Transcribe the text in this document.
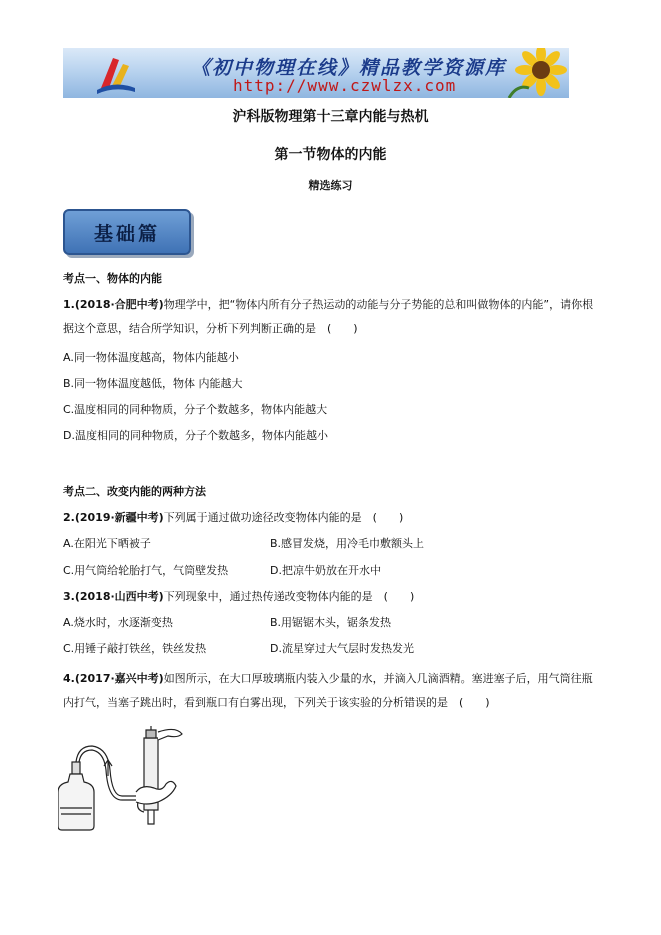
《初中物理在线》精品教学资源库
http://www.czwlzx.com
沪科版物理第十三章内能与热机
第一节物体的内能
精选练习
基础篇
考点一、物体的内能
1.(2018·合肥中考)物理学中，把“物体内所有分子热运动的动能与分子势能的总和叫做物体的内能”，请你根据这个意思，结合所学知识，分析下列判断正确的是　(　　)
A.同一物体温度越高，物体内能越小
B.同一物体温度越低，物体 内能越大
C.温度相同的同种物质，分子个数越多，物体内能越大
D.温度相同的同种物质，分子个数越多，物体内能越小
考点二、改变内能的两种方法
2.(2019·新疆中考)下列属于通过做功途径改变物体内能的是　(　　)
A.在阳光下晒被子	B.感冒发烧，用冷毛巾敷额头上
C.用气筒给轮胎打气，气筒壁发热	D.把凉牛奶放在开水中
3.(2018·山西中考)下列现象中，通过热传递改变物体内能的是　(　　)
A.烧水时，水逐渐变热	B.用锯锯木头，锯条发热
C.用锤子敲打铁丝，铁丝发热	D.流星穿过大气层时发热发光
4.(2017·嘉兴中考)如图所示，在大口厚玻璃瓶内装入少量的水，并滴入几滴酒精。塞进塞子后，用气筒往瓶内打气，当塞子跳出时，看到瓶口有白雾出现，下列关于该实验的分析错误的是　(　　)
